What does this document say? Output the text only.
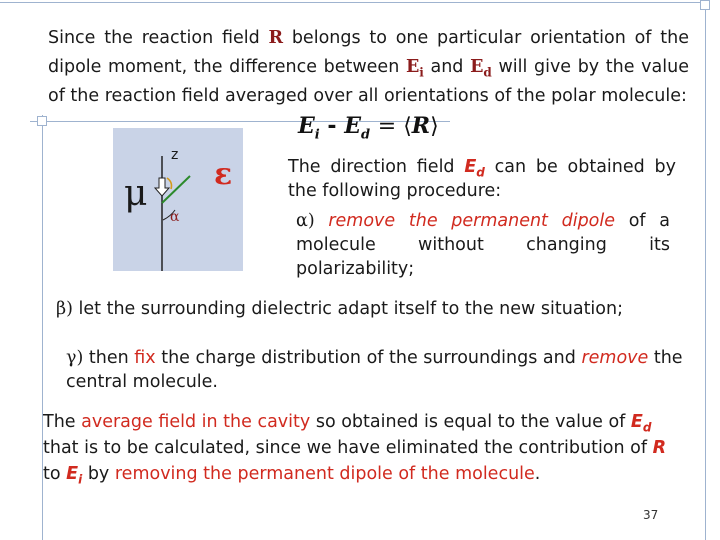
Since the reaction field R belongs to one particular orientation of the

dipole moment, the difference between $E_i$ and $E_d$ will give by the value

of the reaction field averaged over all orientations of the polar molecule:

$E_i - E_d$ = ⟨R⟩
z
μ ε
α

The direction field $E_d$ can be obtained by

the following procedure:

α) remove the permanent dipole of a

molecule without changing its

polarizability;

β) let the surrounding dielectric adapt itself to the new situation;

γ) then fix the charge distribution of the surroundings and remove the

central molecule.

The average field in the cavity so obtained is equal to the value of $E_d$

that is to be calculated, since we have eliminated the contribution of R

to $E_i$ by removing the permanent dipole of the molecule.

37
